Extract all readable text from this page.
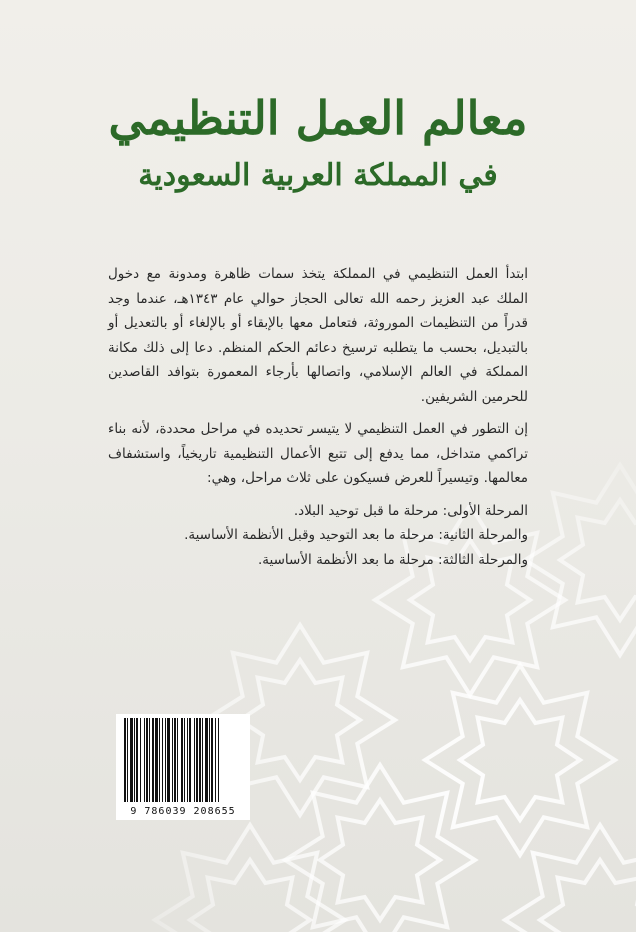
معالم العمل التنظيمي
في المملكة العربية السعودية

ابتدأ العمل التنظيمي في المملكة يتخذ سمات ظاهرة ومدونة مع دخول الملك عبد العزيز رحمه الله تعالى الحجاز حوالي عام ١٣٤٣هـ، عندما وجد قدراً من التنظيمات الموروثة، فتعامل معها بالإبقاء أو بالإلغاء أو بالتعديل أو بالتبديل، بحسب ما يتطلبه ترسيخ دعائم الحكم المنظم. دعا إلى ذلك مكانة المملكة في العالم الإسلامي، واتصالها بأرجاء المعمورة بتوافد القاصدين للحرمين الشريفين.

إن التطور في العمل التنظيمي لا يتيسر تحديده في مراحل محددة، لأنه بناء تراكمي متداخل، مما يدفع إلى تتبع الأعمال التنظيمية تاريخياً، واستشفاف معالمها. وتيسيراً للعرض فسيكون على ثلاث مراحل، وهي:

المرحلة الأولى: مرحلة ما قبل توحيد البلاد.
والمرحلة الثانية: مرحلة ما بعد التوحيد وقبل الأنظمة الأساسية.
والمرحلة الثالثة: مرحلة ما بعد الأنظمة الأساسية.
9 786039 208655
